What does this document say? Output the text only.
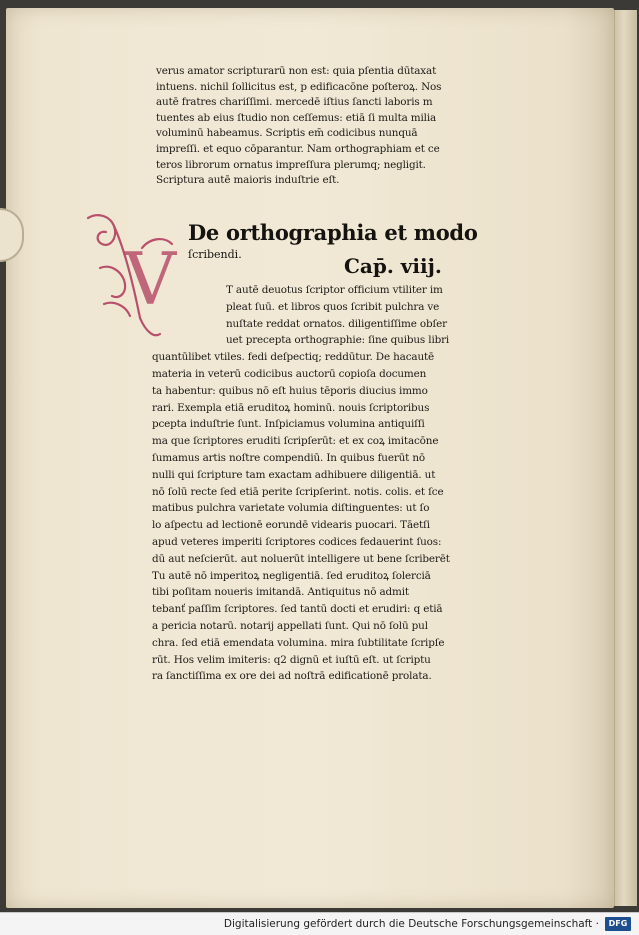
verus amator scripturarū non est: quia pſentia dūtaxat
intuens. nichil ſollicitus est, p edificacōne poſteroꝝ. Nos
autē fratres chariſſimi. mercedē iſtius ſancti laboris m
tuentes ab eius ſtudio non ceſſemus: etiā ſi multa milia
voluminū habeamus. Scriptis em̄ codicibus nunquā
impreſſi. et equo cōparantur. Nam orthographiam et ce
teros librorum ornatus impreſſura plerumq; negligit.
Scriptura autē maioris induſtrie eſt.
V
De orthographia et modo
ſcribendi.	Cap̄. viij.
T autē deuotus ſcriptor officium vtiliter im
pleat ſuū. et libros quos ſcribit pulchra ve
nuſtate reddat ornatos. diligentiſſime obſer
uet precepta orthographie: ſine quibus libri
quantūlibet vtiles. fedi deſpectiq; reddūtur. De hacautē
materia in veterū codicibus auctorū copioſa documen
ta habentur: quibus nō eſt huius tēporis diucius immo
rari. Exempla etiā eruditoꝝ hominū. nouis ſcriptoribus
pcepta induſtrie ſunt. Inſpiciamus volumina antiquiſſi
ma que ſcriptores eruditi ſcripſerūt: et ex coꝝ imitacōne
ſumamus artis noſtre compendiū. In quibus fuerūt nō
nulli qui ſcripture tam exactam adhibuere diligentiā. ut
nō ſolū recte ſed etiā perite ſcripſerint. notis. colis. et ſce
matibus pulchra varietate volumia diſtinguentes: ut ſo
lo aſpectu ad lectionē eorundē videaris puocari. Tāetſi
apud veteres imperiti ſcriptores codices fedauerint ſuos:
dū aut neſcierūt. aut noluerūt intelligere ut bene ſcriberēt
Tu autē nō imperitoꝝ negligentiā. ſed eruditoꝝ ſolerciā
tibi poſitam noueris imitandā. Antiquitus nō admit
tebanť paſſim ſcriptores. ſed tantū docti et erudiri: q etiā
a pericia notarū. notarij appellati ſunt. Qui nō ſolū pul
chra. ſed etiā emendata volumina. mira ſubtilitate ſcripſe
rūt. Hos velim imiteris: q2 dignū et iuſtū eſt. ut ſcriptu
ra ſanctiſſima ex ore dei ad noſtrā edificationē prolata.
Digitalisierung gefördert durch die Deutsche Forschungsgemeinschaft ·	DFG
